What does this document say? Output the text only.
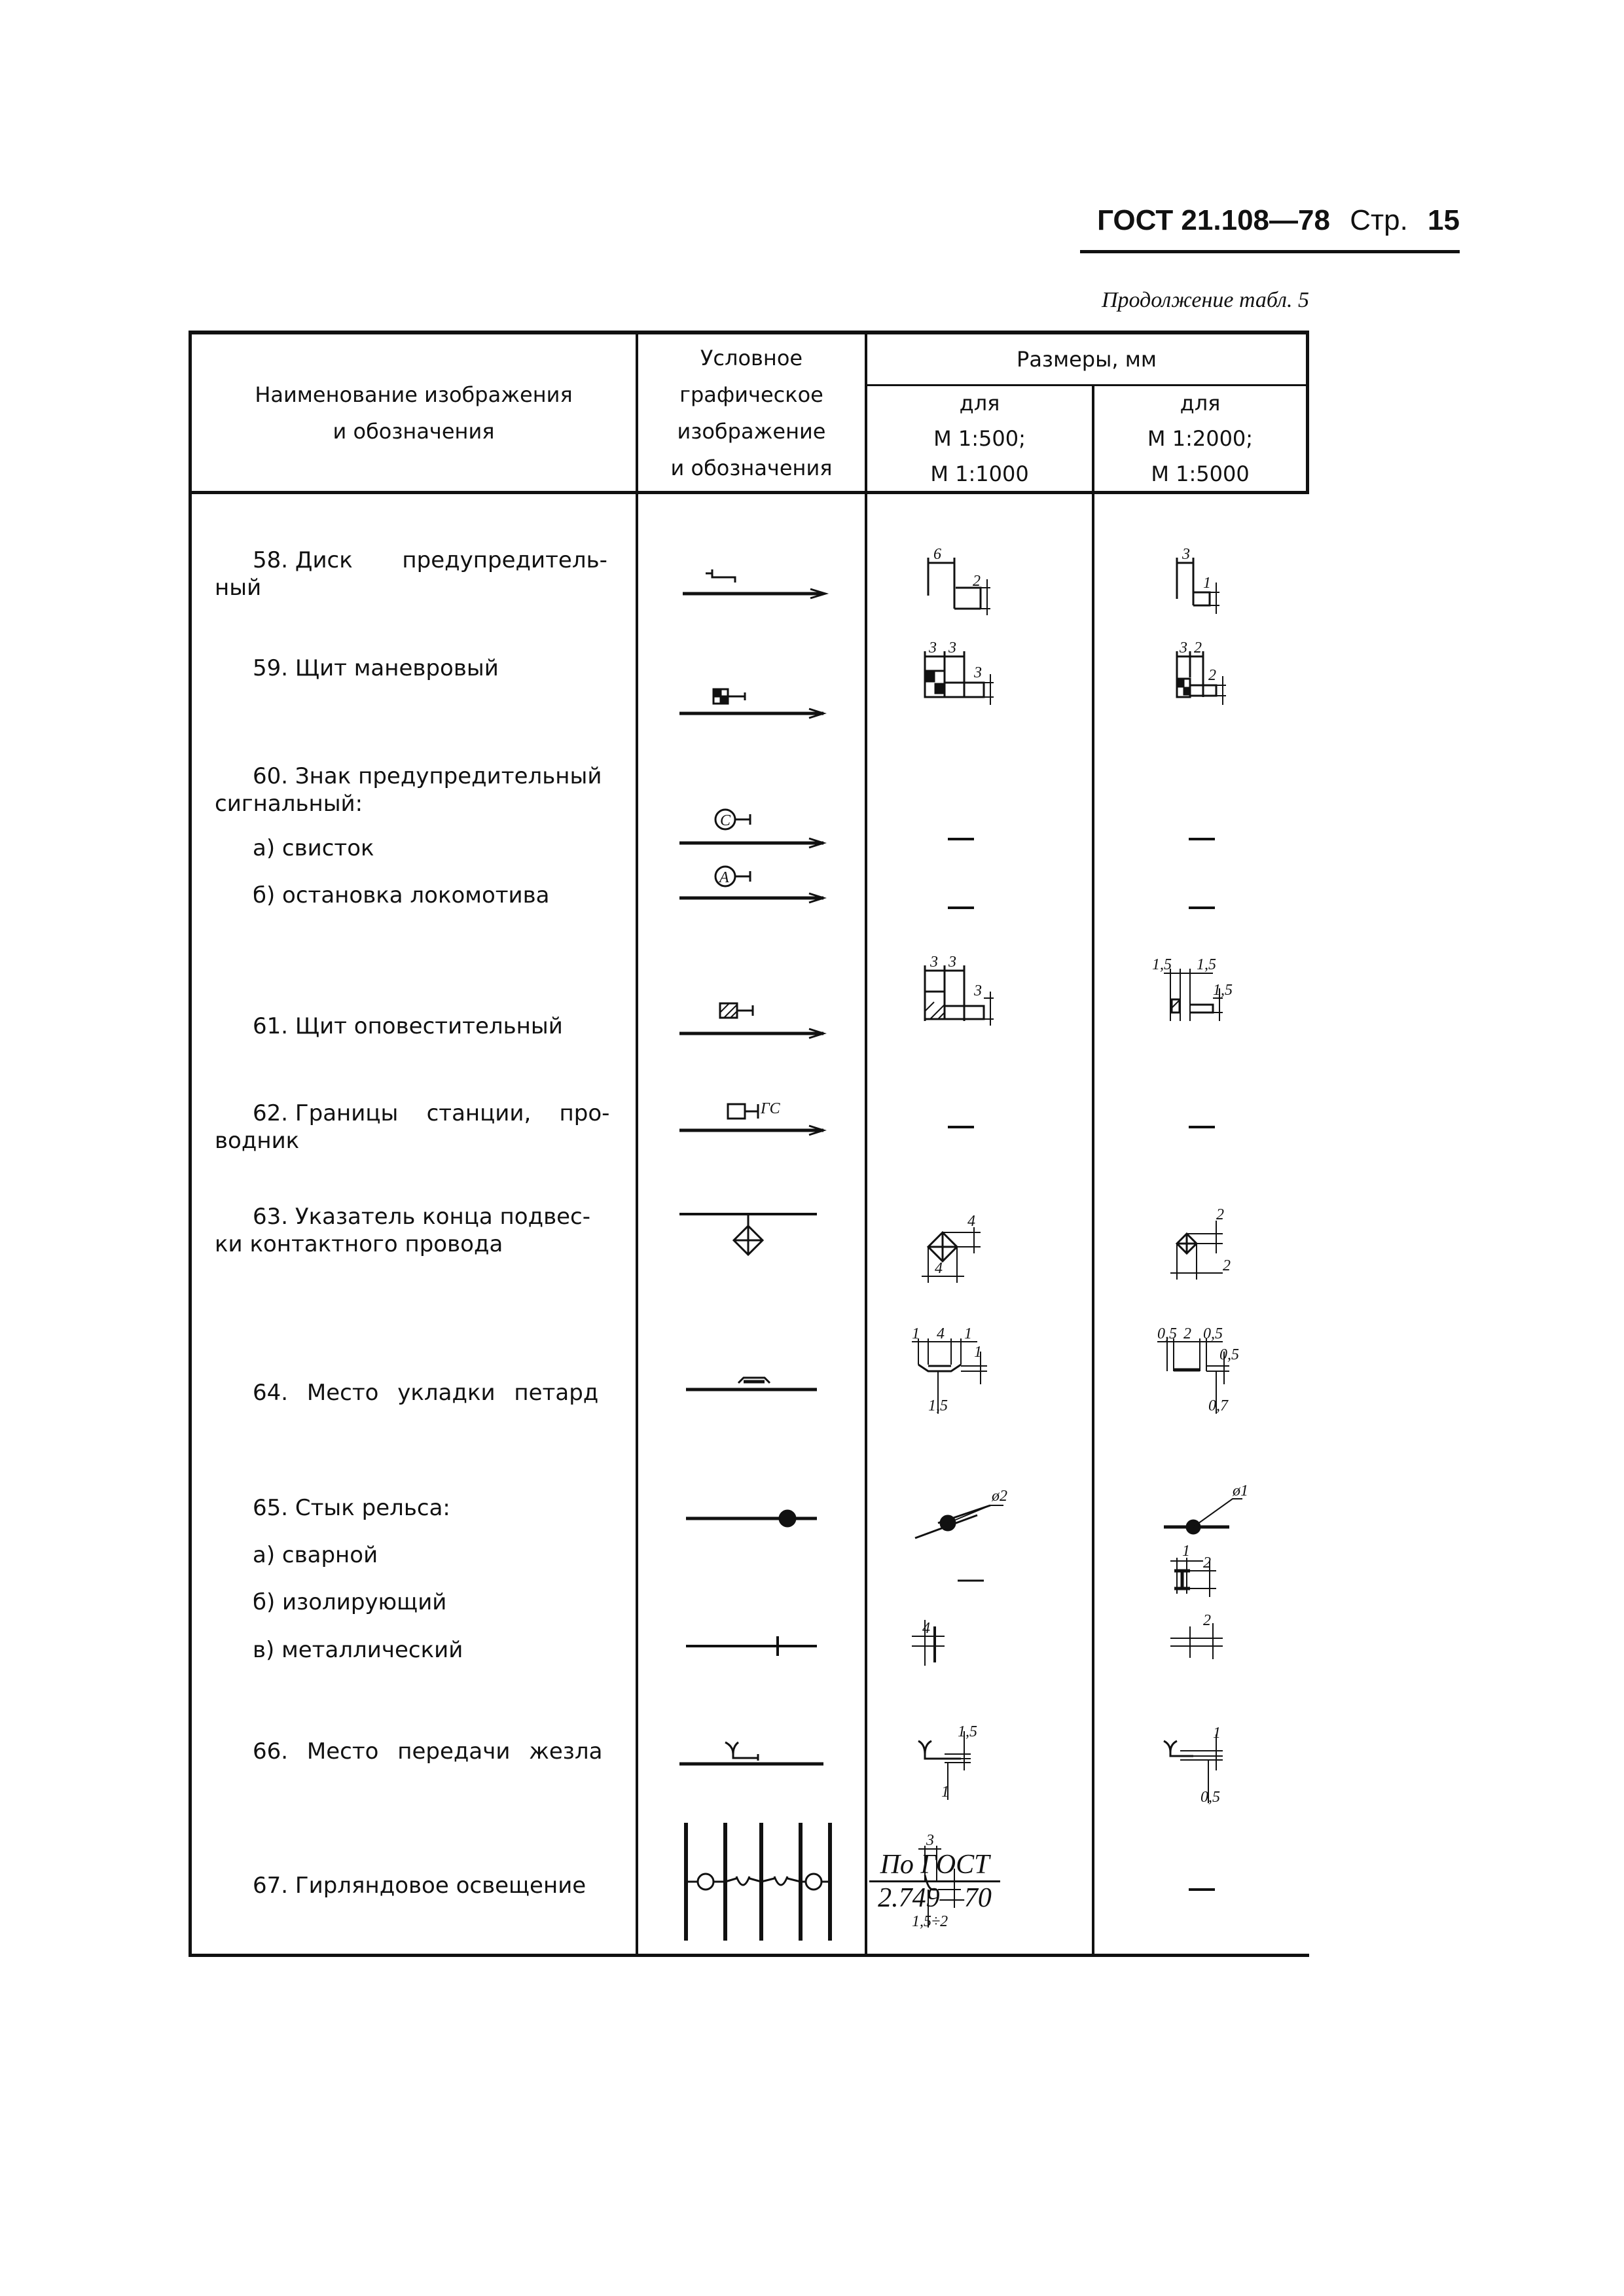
ГОСТ 21.108—78 Стр. 15
Продолжение табл. 5
Наименование изображения
и обозначения
Условное
графическое
изображение
и обозначения
Размеры, мм
для
М 1:500;
М 1:1000
для
М 1:2000;
М 1:5000
58. Диск       предупредитель-
ный
59. Щит маневровый
60. Знак предупредительный
сигнальный:
а) свисток
б) остановка локомотива
61. Щит оповестительный
62. Границы    станции,    про-
водник
63. Указатель конца подвес-
ки контактного провода
64. Место укладки петард
65. Стык рельса:
а) сварной
б) изолирующий
в) металлический
66. Место передачи жезла
67. Гирляндовое освещение
С
А
ГС
По ГОСТ
2.749—70
6
2
3 3
3
3 3
3
4
4
1 4 1
1
1,5
ø2
4
1,5
1
3
1,5÷2
3
1
3 2
2
1,5 1,5
1,5
2
2
0,5 2 0,5
0,5
0,7
ø1
1
2
2
1
0,5
